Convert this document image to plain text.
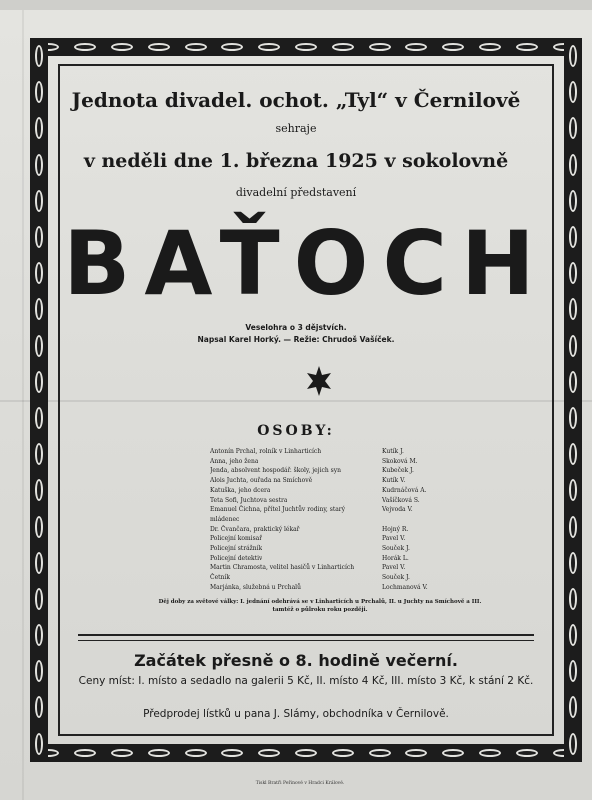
Jednota divadel. ochot. „Tyl“ v Černilově

sehraje

v neděli dne 1. března 1925 v sokolovně

divadelní představení

BAŤOCH

Veselohra o 3 dějstvích.

Napsal Karel Horký. — Režie: Chrudoš Vašíček.

OSOBY:

Antonín Prchal, rolník v Linharticích	Kutík J.
Anna, jeho žena	Skoková M.
Jenda, absolvent hospodář. školy, jejich syn	Kubeček J.
Alois Juchta, ouřada na Smíchově	Kutík V.
Katuška, jeho dcera	Kudrnáčová A.
Teta Sofi, Juchtova sestra	Vašíčková S.
Emanuel Čichna, přítel Juchtův rodiny, starý	Vejvoda V.
mládenec
Dr. Čvančara, praktický lékař	Hojný R.
Policejní komisař	Pavel V.
Policejní strážník	Souček J.
Policejní detektiv	Horák L.
Martin Chramosta, velitel hasičů v Linharticích	Pavel V.
Četník	Souček J.
Marjánka, služebná u Prchalů	Lochmanová V.

Děj doby za světové války: I. jednání odehrává se v Linharticích u Prchalů, II. u Juchty na Smíchově a III. tamtéž o půlroku roku později.

Začátek přesně o 8. hodině večerní.

Ceny míst: I. místo a sedadlo na galerii 5 Kč, II. místo 4 Kč, III. místo 3 Kč, k stání 2 Kč.

Předprodej lístků u pana J. Slámy, obchodníka v Černilově.

Tiskl Bratři Peřinové v Hradci Králové.
